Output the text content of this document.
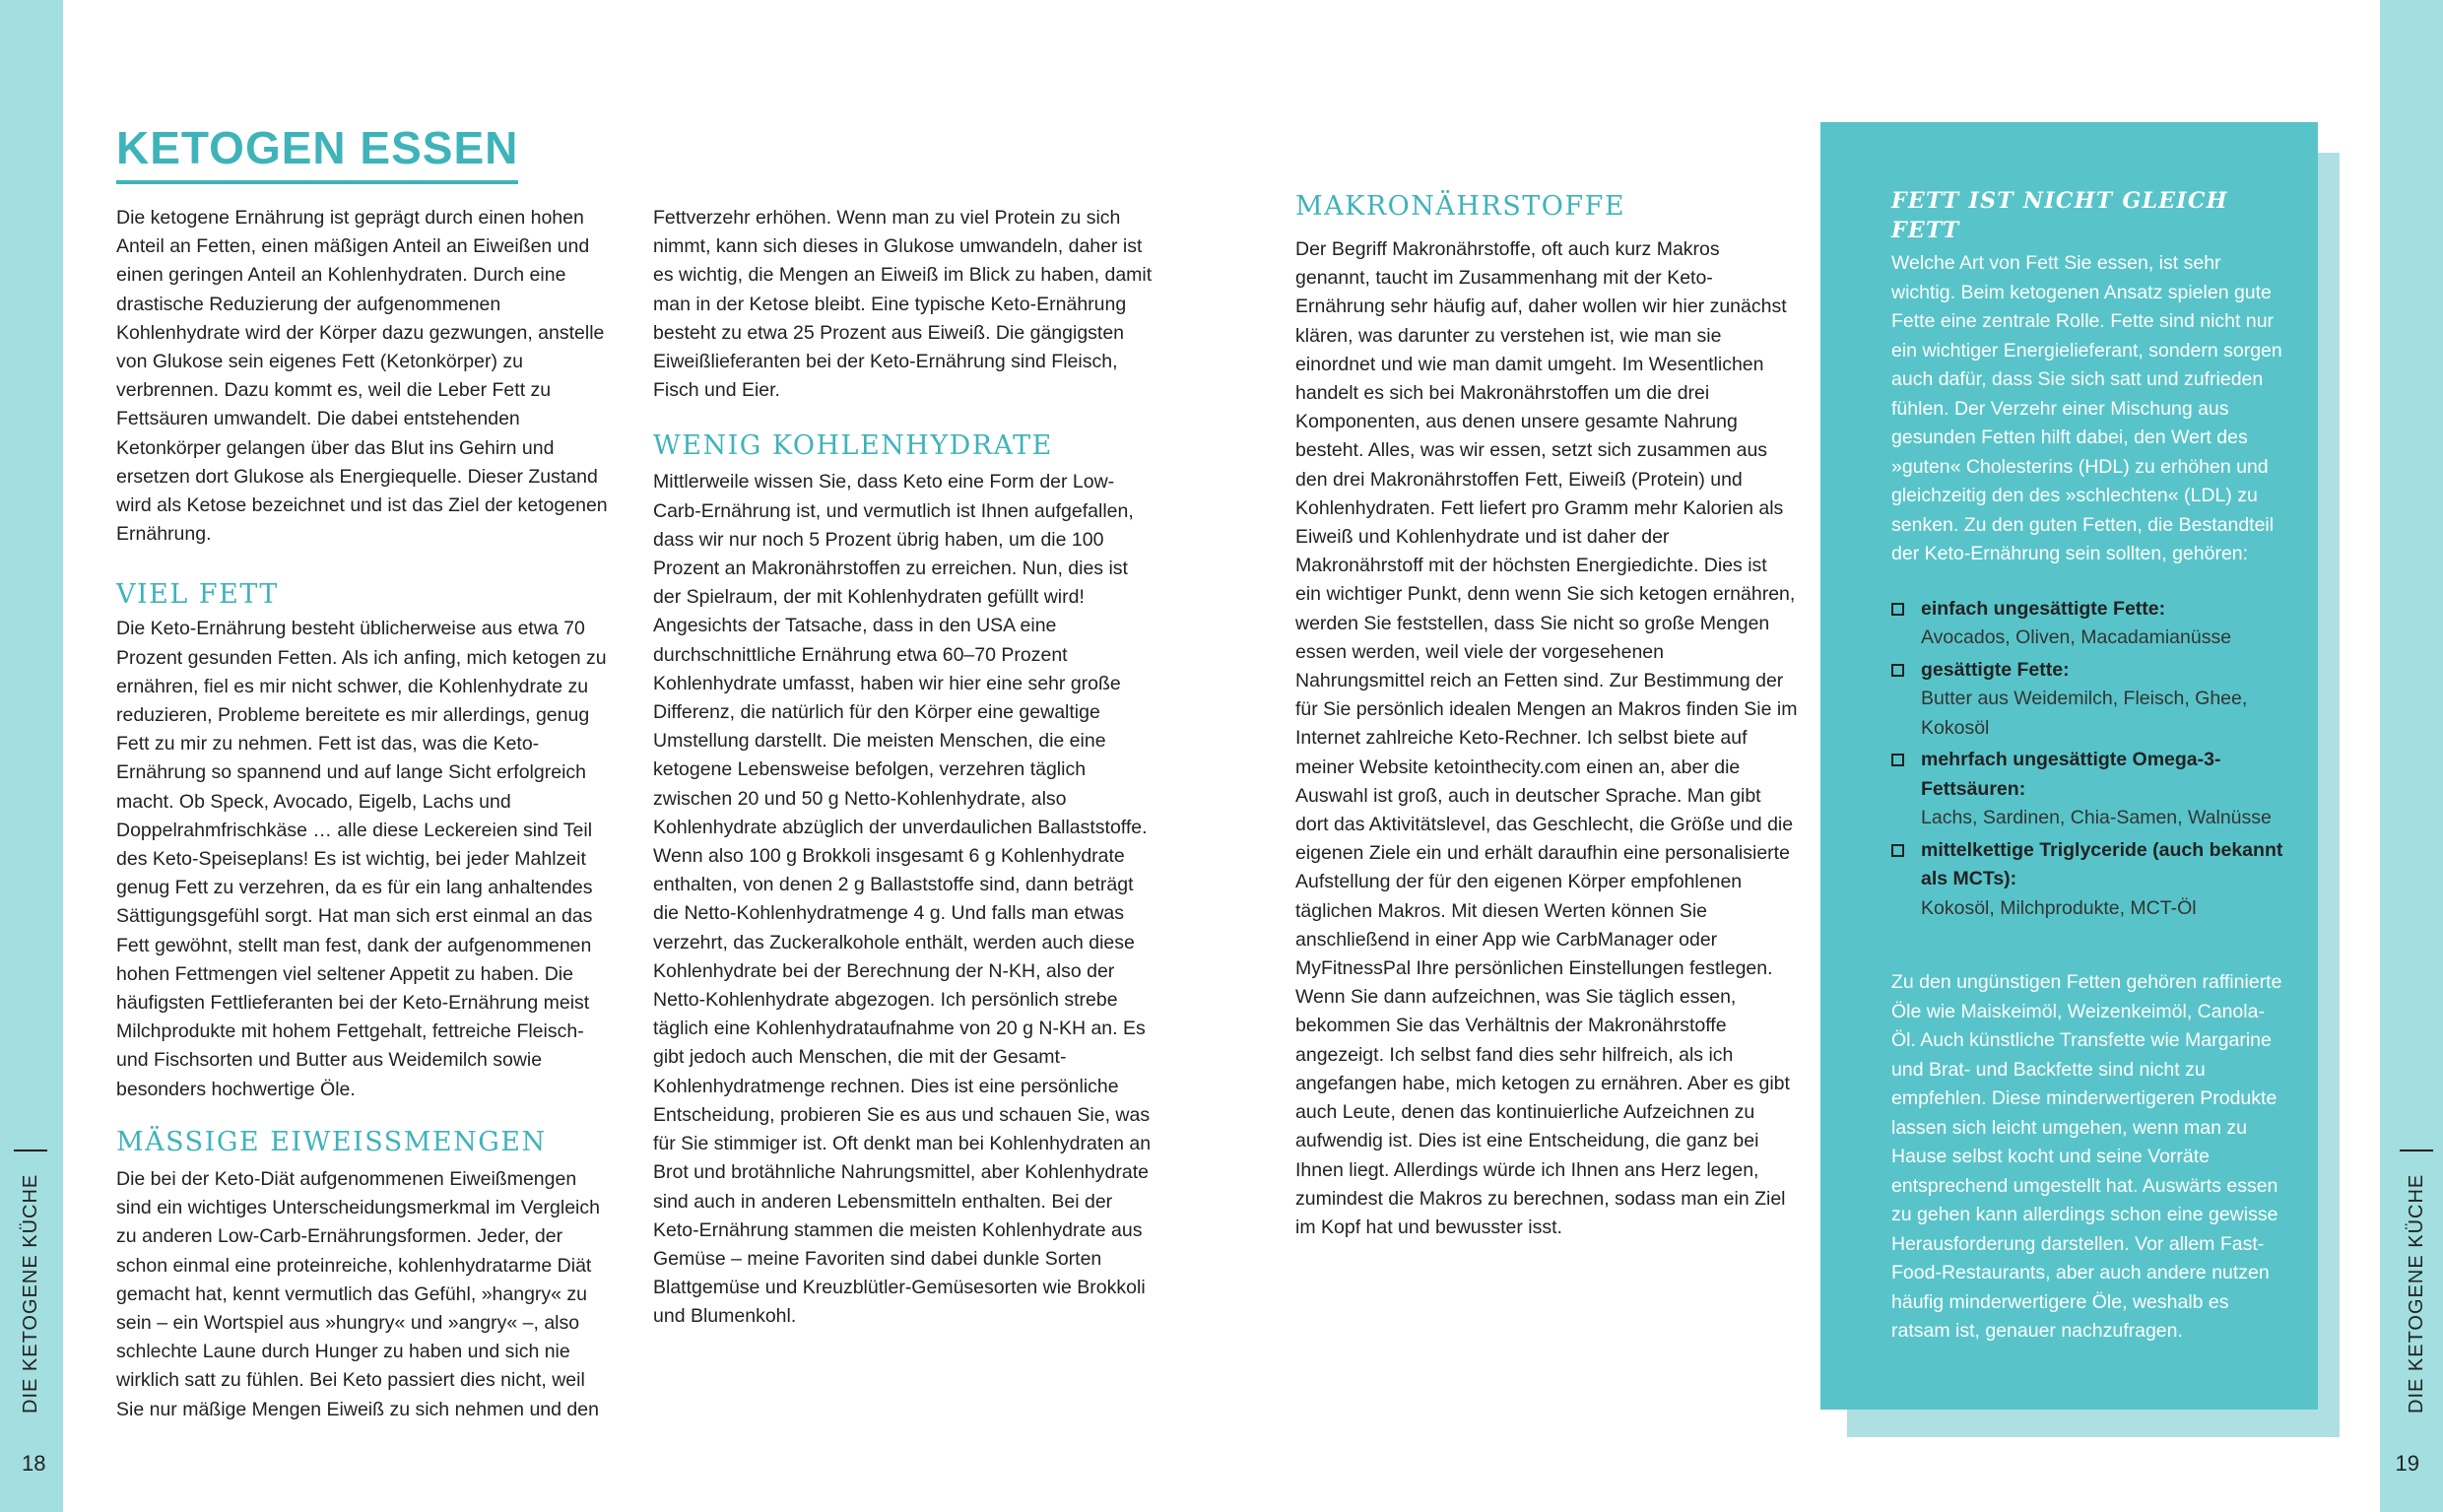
DIE KETOGENE KÜCHE
18
DIE KETOGENE KÜCHE
19
KETOGEN ESSEN

Die ketogene Ernährung ist geprägt durch einen hohen Anteil an Fetten, einen mäßigen Anteil an Eiweißen und einen geringen Anteil an Kohlenhydraten. Durch eine drastische Reduzierung der aufgenommenen Kohlenhydrate wird der Körper dazu gezwungen, anstelle von Glukose sein eigenes Fett (Ketonkörper) zu verbrennen. Dazu kommt es, weil die Leber Fett zu Fettsäuren umwandelt. Die dabei entstehenden Ketonkörper gelangen über das Blut ins Gehirn und ersetzen dort Glukose als Energiequelle. Dieser Zustand wird als Ketose bezeichnet und ist das Ziel der ketogenen Ernährung.

VIEL FETT

Die Keto-Ernährung besteht üblicherweise aus etwa 70 Prozent gesunden Fetten. Als ich anfing, mich ketogen zu ernähren, fiel es mir nicht schwer, die Kohlenhydrate zu reduzieren, Probleme bereitete es mir allerdings, genug Fett zu mir zu nehmen. Fett ist das, was die Keto-Ernährung so spannend und auf lange Sicht erfolgreich macht. Ob Speck, Avocado, Eigelb, Lachs und Doppelrahmfrischkäse … alle diese Leckereien sind Teil des Keto-Speiseplans! Es ist wichtig, bei jeder Mahlzeit genug Fett zu verzehren, da es für ein lang anhaltendes Sättigungsgefühl sorgt. Hat man sich erst einmal an das Fett gewöhnt, stellt man fest, dank der aufgenommenen hohen Fettmengen viel seltener Appetit zu haben. Die häufigsten Fettlieferanten bei der Keto-Ernährung meist Milchprodukte mit hohem Fettgehalt, fettreiche Fleisch- und Fischsorten und Butter aus Weidemilch sowie besonders hochwertige Öle.

MÄSSIGE EIWEISSMENGEN

Die bei der Keto-Diät aufgenommenen Eiweißmengen sind ein wichtiges Unterscheidungsmerkmal im Vergleich zu anderen Low-Carb-Ernährungsformen. Jeder, der schon einmal eine proteinreiche, kohlenhydratarme Diät gemacht hat, kennt vermutlich das Gefühl, »hangry« zu sein – ein Wortspiel aus »hungry« und »angry« –, also schlechte Laune durch Hunger zu haben und sich nie wirklich satt zu fühlen. Bei Keto passiert dies nicht, weil Sie nur mäßige Mengen Eiweiß zu sich nehmen und den

Fettverzehr erhöhen. Wenn man zu viel Protein zu sich nimmt, kann sich dieses in Glukose umwandeln, daher ist es wichtig, die Mengen an Eiweiß im Blick zu haben, damit man in der Ketose bleibt. Eine typische Keto-Ernährung besteht zu etwa 25 Prozent aus Eiweiß. Die gängigsten Eiweißlieferanten bei der Keto-Ernährung sind Fleisch, Fisch und Eier.

WENIG KOHLENHYDRATE

Mittlerweile wissen Sie, dass Keto eine Form der Low-Carb-Ernährung ist, und vermutlich ist Ihnen aufgefallen, dass wir nur noch 5 Prozent übrig haben, um die 100 Prozent an Makronährstoffen zu erreichen. Nun, dies ist der Spielraum, der mit Kohlenhydraten gefüllt wird! Angesichts der Tatsache, dass in den USA eine durchschnittliche Ernährung etwa 60–70 Prozent Kohlenhydrate umfasst, haben wir hier eine sehr große Differenz, die natürlich für den Körper eine gewaltige Umstellung darstellt. Die meisten Menschen, die eine ketogene Lebensweise befolgen, verzehren täglich zwischen 20 und 50 g Netto-Kohlenhydrate, also Kohlenhydrate abzüglich der unverdaulichen Ballaststoffe. Wenn also 100 g Brokkoli insgesamt 6 g Kohlenhydrate enthalten, von denen 2 g Ballaststoffe sind, dann beträgt die Netto-Kohlenhydratmenge 4 g. Und falls man etwas verzehrt, das Zuckeralkohole enthält, werden auch diese Kohlenhydrate bei der Berechnung der N-KH, also der Netto-Kohlenhydrate abgezogen. Ich persönlich strebe täglich eine Kohlenhydrataufnahme von 20 g N-KH an. Es gibt jedoch auch Menschen, die mit der Gesamt-Kohlenhydratmenge rechnen. Dies ist eine persönliche Entscheidung, probieren Sie es aus und schauen Sie, was für Sie stimmiger ist. Oft denkt man bei Kohlenhydraten an Brot und brotähnliche Nahrungsmittel, aber Kohlenhydrate sind auch in anderen Lebensmitteln enthalten. Bei der Keto-Ernährung stammen die meisten Kohlenhydrate aus Gemüse – meine Favoriten sind dabei dunkle Sorten Blattgemüse und Kreuzblütler-Gemüsesorten wie Brokkoli und Blumenkohl.

MAKRONÄHRSTOFFE

Der Begriff Makronährstoffe, oft auch kurz Makros genannt, taucht im Zusammenhang mit der Keto-Ernährung sehr häufig auf, daher wollen wir hier zunächst klären, was darunter zu verstehen ist, wie man sie einordnet und wie man damit umgeht. Im Wesentlichen handelt es sich bei Makronährstoffen um die drei Komponenten, aus denen unsere gesamte Nahrung besteht. Alles, was wir essen, setzt sich zusammen aus den drei Makronährstoffen Fett, Eiweiß (Protein) und Kohlenhydraten. Fett liefert pro Gramm mehr Kalorien als Eiweiß und Kohlenhydrate und ist daher der Makronährstoff mit der höchsten Energiedichte. Dies ist ein wichtiger Punkt, denn wenn Sie sich ketogen ernähren, werden Sie feststellen, dass Sie nicht so große Mengen essen werden, weil viele der vorgesehenen Nahrungsmittel reich an Fetten sind. Zur Bestimmung der für Sie persönlich idealen Mengen an Makros finden Sie im Internet zahlreiche Keto-Rechner. Ich selbst biete auf meiner Website ketointhecity.com einen an, aber die Auswahl ist groß, auch in deutscher Sprache. Man gibt dort das Aktivitätslevel, das Geschlecht, die Größe und die eigenen Ziele ein und erhält daraufhin eine personalisierte Aufstellung der für den eigenen Körper empfohlenen täglichen Makros. Mit diesen Werten können Sie anschließend in einer App wie CarbManager oder MyFitnessPal Ihre persönlichen Einstellungen festlegen. Wenn Sie dann aufzeichnen, was Sie täglich essen, bekommen Sie das Verhältnis der Makronährstoffe angezeigt. Ich selbst fand dies sehr hilfreich, als ich angefangen habe, mich ketogen zu ernähren. Aber es gibt auch Leute, denen das kontinuierliche Aufzeichnen zu aufwendig ist. Dies ist eine Entscheidung, die ganz bei Ihnen liegt. Allerdings würde ich Ihnen ans Herz legen, zumindest die Makros zu berechnen, sodass man ein Ziel im Kopf hat und bewusster isst.

FETT IST NICHT GLEICH FETT

Welche Art von Fett Sie essen, ist sehr wichtig. Beim ketogenen Ansatz spielen gute Fette eine zentrale Rolle. Fette sind nicht nur ein wichtiger Energielieferant, sondern sorgen auch dafür, dass Sie sich satt und zufrieden fühlen. Der Verzehr einer Mischung aus gesunden Fetten hilft dabei, den Wert des »guten« Cholesterins (HDL) zu erhöhen und gleichzeitig den des »schlechten« (LDL) zu senken. Zu den guten Fetten, die Bestandteil der Keto-Ernährung sein sollten, gehören:

einfach ungesättigte Fette:
Avocados, Oliven, Macadamianüsse
gesättigte Fette:
Butter aus Weidemilch, Fleisch, Ghee, Kokosöl
mehrfach ungesättigte Omega-3-Fettsäuren:
Lachs, Sardinen, Chia-Samen, Walnüsse
mittelkettige Triglyceride (auch bekannt als MCTs):
Kokosöl, Milchprodukte, MCT-Öl

Zu den ungünstigen Fetten gehören raffinierte Öle wie Maiskeimöl, Weizenkeimöl, Canola-Öl. Auch künstliche Transfette wie Margarine und Brat- und Backfette sind nicht zu empfehlen. Diese minderwertigeren Produkte lassen sich leicht umgehen, wenn man zu Hause selbst kocht und seine Vorräte entsprechend umgestellt hat. Auswärts essen zu gehen kann allerdings schon eine gewisse Herausforderung darstellen. Vor allem Fast-Food-Restaurants, aber auch andere nutzen häufig minderwertigere Öle, weshalb es ratsam ist, genauer nachzufragen.
